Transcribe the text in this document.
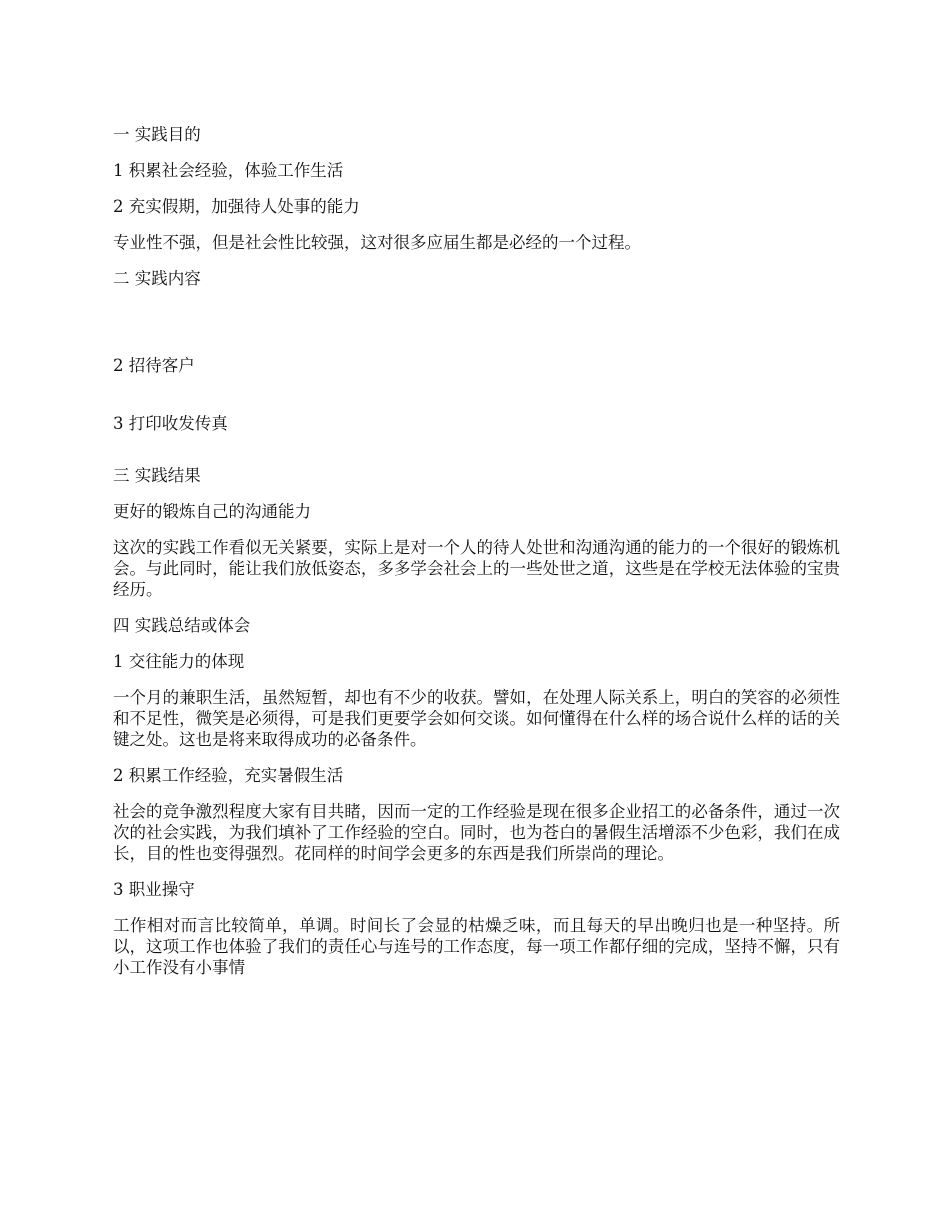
一 实践目的

1 积累社会经验，体验工作生活

2 充实假期，加强待人处事的能力

专业性不强，但是社会性比较强，这对很多应届生都是必经的一个过程。

二 实践内容

2 招待客户

3 打印收发传真

三 实践结果

更好的锻炼自己的沟通能力

这次的实践工作看似无关紧要，实际上是对一个人的待人处世和沟通沟通的能力的一个很好的锻炼机会。与此同时，能让我们放低姿态，多多学会社会上的一些处世之道，这些是在学校无法体验的宝贵经历。

四 实践总结或体会

1 交往能力的体现

一个月的兼职生活，虽然短暂，却也有不少的收获。譬如，在处理人际关系上，明白的笑容的必须性和不足性，微笑是必须得，可是我们更要学会如何交谈。如何懂得在什么样的场合说什么样的话的关键之处。这也是将来取得成功的必备条件。

2 积累工作经验，充实暑假生活

社会的竞争激烈程度大家有目共睹，因而一定的工作经验是现在很多企业招工的必备条件，通过一次次的社会实践，为我们填补了工作经验的空白。同时，也为苍白的暑假生活增添不少色彩，我们在成长，目的性也变得强烈。花同样的时间学会更多的东西是我们所崇尚的理论。

3 职业操守

工作相对而言比较简单，单调。时间长了会显的枯燥乏味，而且每天的早出晚归也是一种坚持。所以，这项工作也体验了我们的责任心与连号的工作态度，每一项工作都仔细的完成，坚持不懈，只有小工作没有小事情
